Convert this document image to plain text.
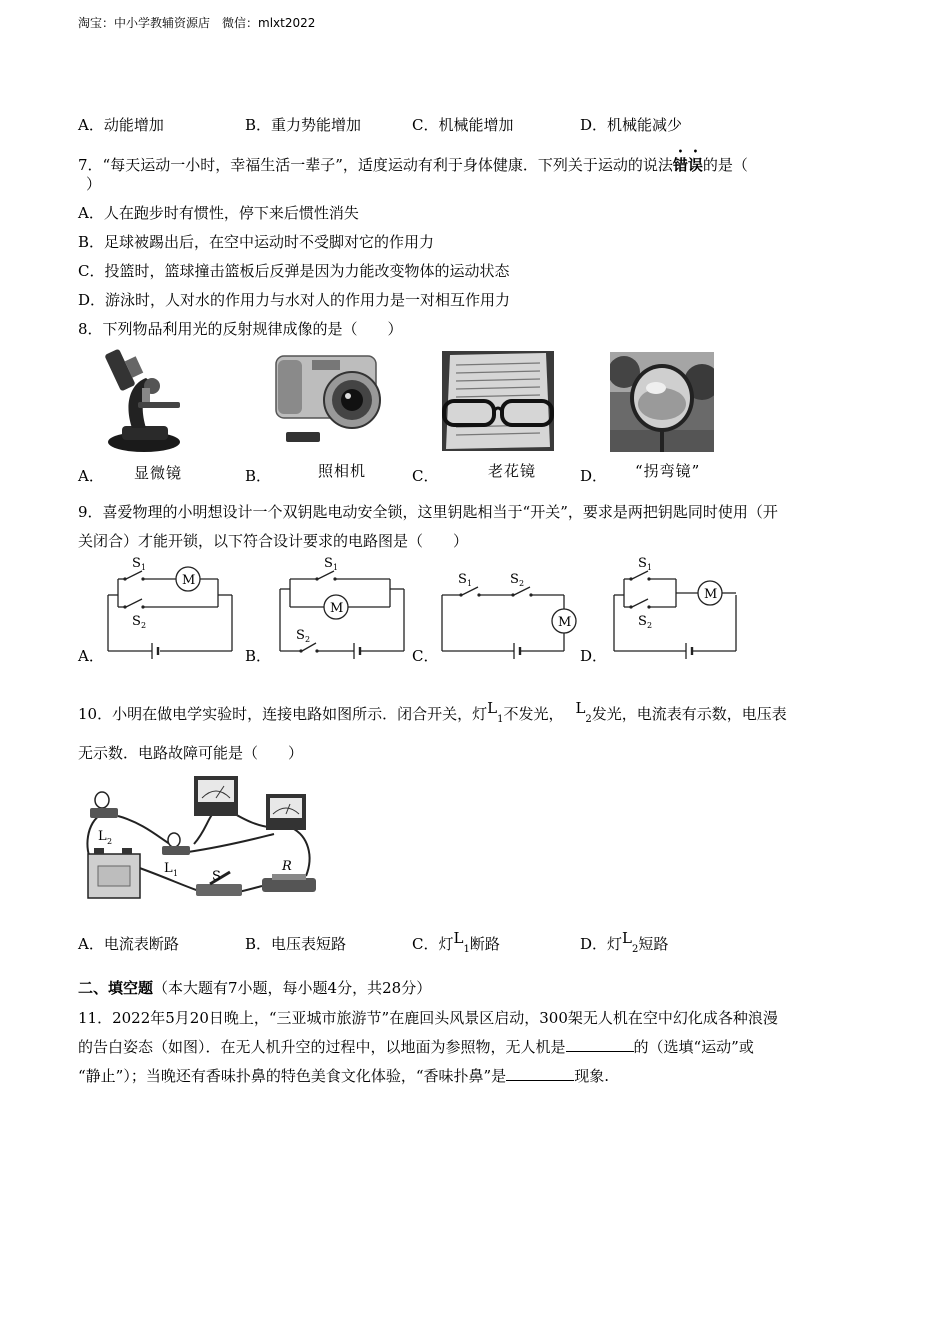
淘宝：中小学教辅资源店　微信：mlxt2022
A．动能增加	B．重力势能增加	C．机械能增加	D．机械能减少
7．“每天运动一小时，幸福生活一辈子”，适度运动有利于身体健康．下列关于运动的说法错误的是（
）
A．人在跑步时有惯性，停下来后惯性消失
B．足球被踢出后，在空中运动时不受脚对它的作用力
C．投篮时，篮球撞击篮板后反弹是因为力能改变物体的运动状态
D．游泳时，人对水的作用力与水对人的作用力是一对相互作用力
8．下列物品利用光的反射规律成像的是（　　）
A． 显微镜	B．	照相机	C．	老花镜	D． “拐弯镜”
9．喜爱物理的小明想设计一个双钥匙电动安全锁，这里钥匙相当于“开关”，要求是两把钥匙同时使用（开
关闭合）才能开锁，以下符合设计要求的电路图是（　　）
M
S 1
S 2
A．
M
S 1
S 2
B．
M
S 1	S 2
C．
M
S 1
S 2
D．
10．小明在做电学实验时，连接电路如图所示．闭合开关，灯$L_1$不发光， $L_2$发光，电流表有示数，电压表
无示数．电路故障可能是（　　）
L 2
L 1	S
R
A．电流表断路	B．电压表短路	C．灯$L_1$断路	D．灯$L_2$短路
二、填空题（本大题有7小题，每小题4分，共28分）
11．2022年5月20日晚上，“三亚城市旅游节”在鹿回头风景区启动，300架无人机在空中幻化成各种浪漫
的告白姿态（如图）．在无人机升空的过程中，以地面为参照物，无人机是	的（选填“运动”或
“静止”）；当晚还有香味扑鼻的特色美食文化体验，“香味扑鼻”是	现象.
